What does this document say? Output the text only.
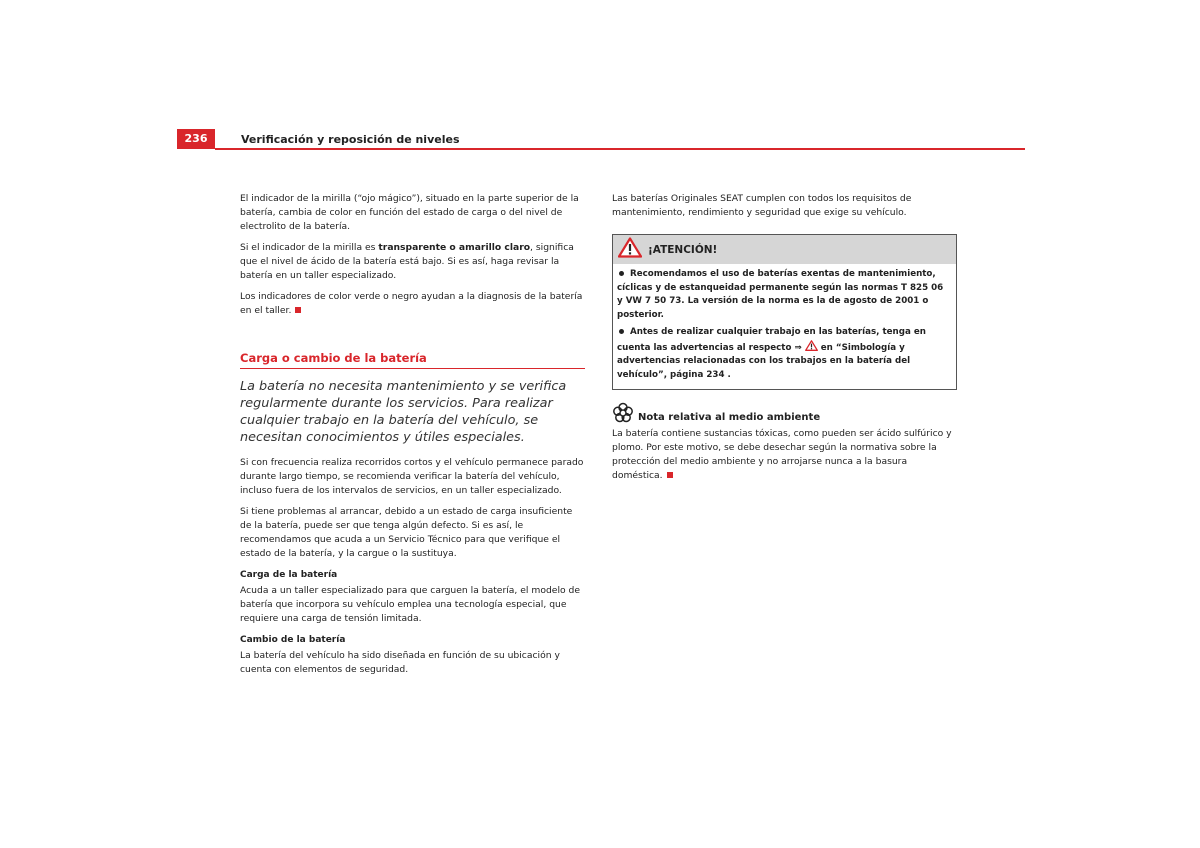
236	Verificación y reposición de niveles

El indicador de la mirilla (“ojo mágico”), situado en la parte superior de la batería, cambia de color en función del estado de carga o del nivel de electrolito de la batería.

Si el indicador de la mirilla es transparente o amarillo claro, significa que el nivel de ácido de la batería está bajo. Si es así, haga revisar la batería en un taller especializado.

Los indicadores de color verde o negro ayudan a la diagnosis de la batería en el taller.

Carga o cambio de la batería

La batería no necesita mantenimiento y se verifica regularmente durante los servicios. Para realizar cualquier trabajo en la batería del vehículo, se necesitan conocimientos y útiles especiales.

Si con frecuencia realiza recorridos cortos y el vehículo permanece parado durante largo tiempo, se recomienda verificar la batería del vehículo, incluso fuera de los intervalos de servicios, en un taller especializado.

Si tiene problemas al arrancar, debido a un estado de carga insuficiente de la batería, puede ser que tenga algún defecto. Si es así, le recomendamos que acuda a un Servicio Técnico para que verifique el estado de la batería, y la cargue o la sustituya.

Carga de la batería

Acuda a un taller especializado para que carguen la batería, el modelo de batería que incorpora su vehículo emplea una tecnología especial, que requiere una carga de tensión limitada.

Cambio de la batería

La batería del vehículo ha sido diseñada en función de su ubicación y cuenta con elementos de seguridad.

Las baterías Originales SEAT cumplen con todos los requisitos de mantenimiento, rendimiento y seguridad que exige su vehículo.

¡ATENCIÓN!

Recomendamos el uso de baterías exentas de mantenimiento, cíclicas y de estanqueidad permanente según las normas T 825 06 y VW 7 50 73. La versión de la norma es la de agosto de 2001 o posterior.

Antes de realizar cualquier trabajo en las baterías, tenga en cuenta las advertencias al respecto ⇒  en “Simbología y advertencias relacionadas con los trabajos en la batería del vehículo”, página 234 .

Nota relativa al medio ambiente

La batería contiene sustancias tóxicas, como pueden ser ácido sulfúrico y plomo. Por este motivo, se debe desechar según la normativa sobre la protección del medio ambiente y no arrojarse nunca a la basura doméstica.
